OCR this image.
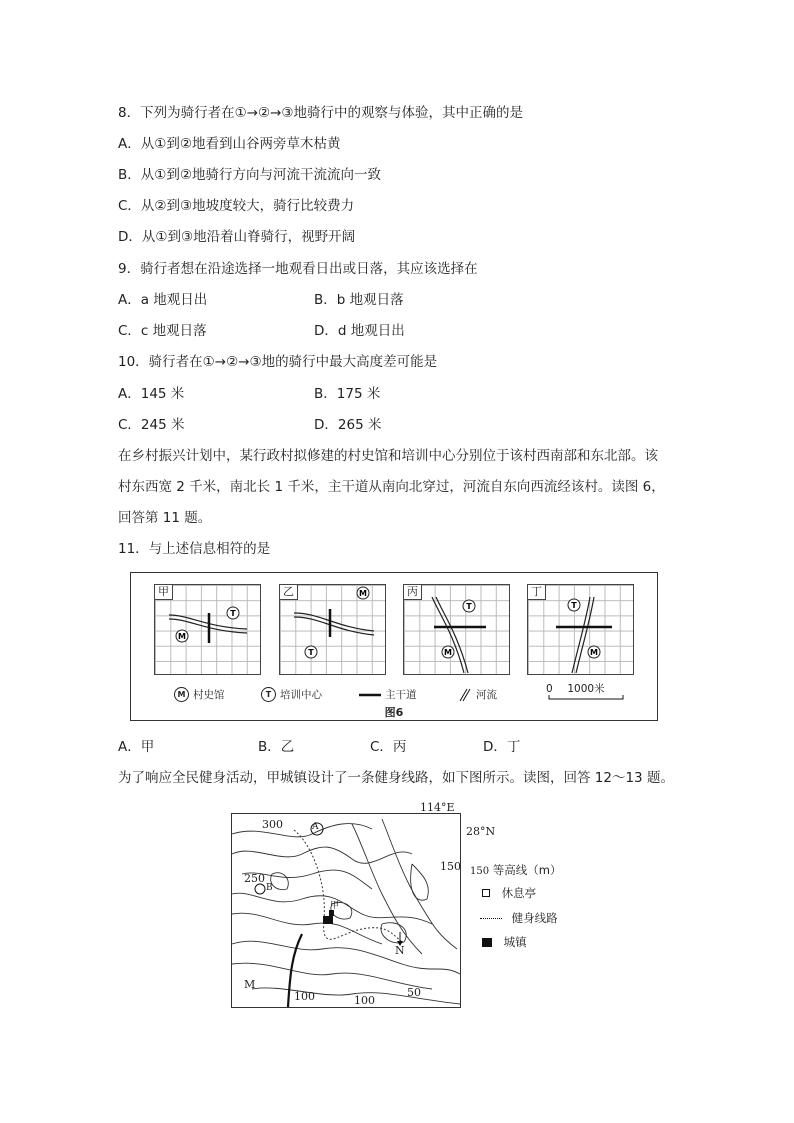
8．下列为骑行者在①→②→③地骑行中的观察与体验，其中正确的是
A．从①到②地看到山谷两旁草木枯黄
B．从①到②地骑行方向与河流干流流向一致
C．从②到③地坡度较大，骑行比较费力
D．从①到③地沿着山脊骑行，视野开阔
9．骑行者想在沿途选择一地观看日出或日落，其应该选择在
A．a 地观日出	B．b 地观日落
C．c 地观日落	D．d 地观日出
10．骑行者在①→②→③地的骑行中最大高度差可能是
A．145 米	B．175 米
C．245 米	D．265 米
在乡村振兴计划中，某行政村拟修建的村史馆和培训中心分别位于该村西南部和东北部。该
村东西宽 2 千米，南北长 1 千米，主干道从南向北穿过，河流自东向西流经该村。读图 6，
回答第 11 题。
11．与上述信息相符的是
T
M
甲	M
T
乙
T
M
丙
T
M
丁
M 村史馆	T 培训中心	主干道	河流	0 1000米
图6
A．甲	B．乙	C．丙	D．丁
为了响应全民健身活动，甲城镇设计了一条健身线路，如下图所示。读图，回答 12～13 题。
300
250
150
100	100
50
A
B
M
N
甲
114°E
28°N
150 等高线（m）
休息亭
健身线路
城镇
